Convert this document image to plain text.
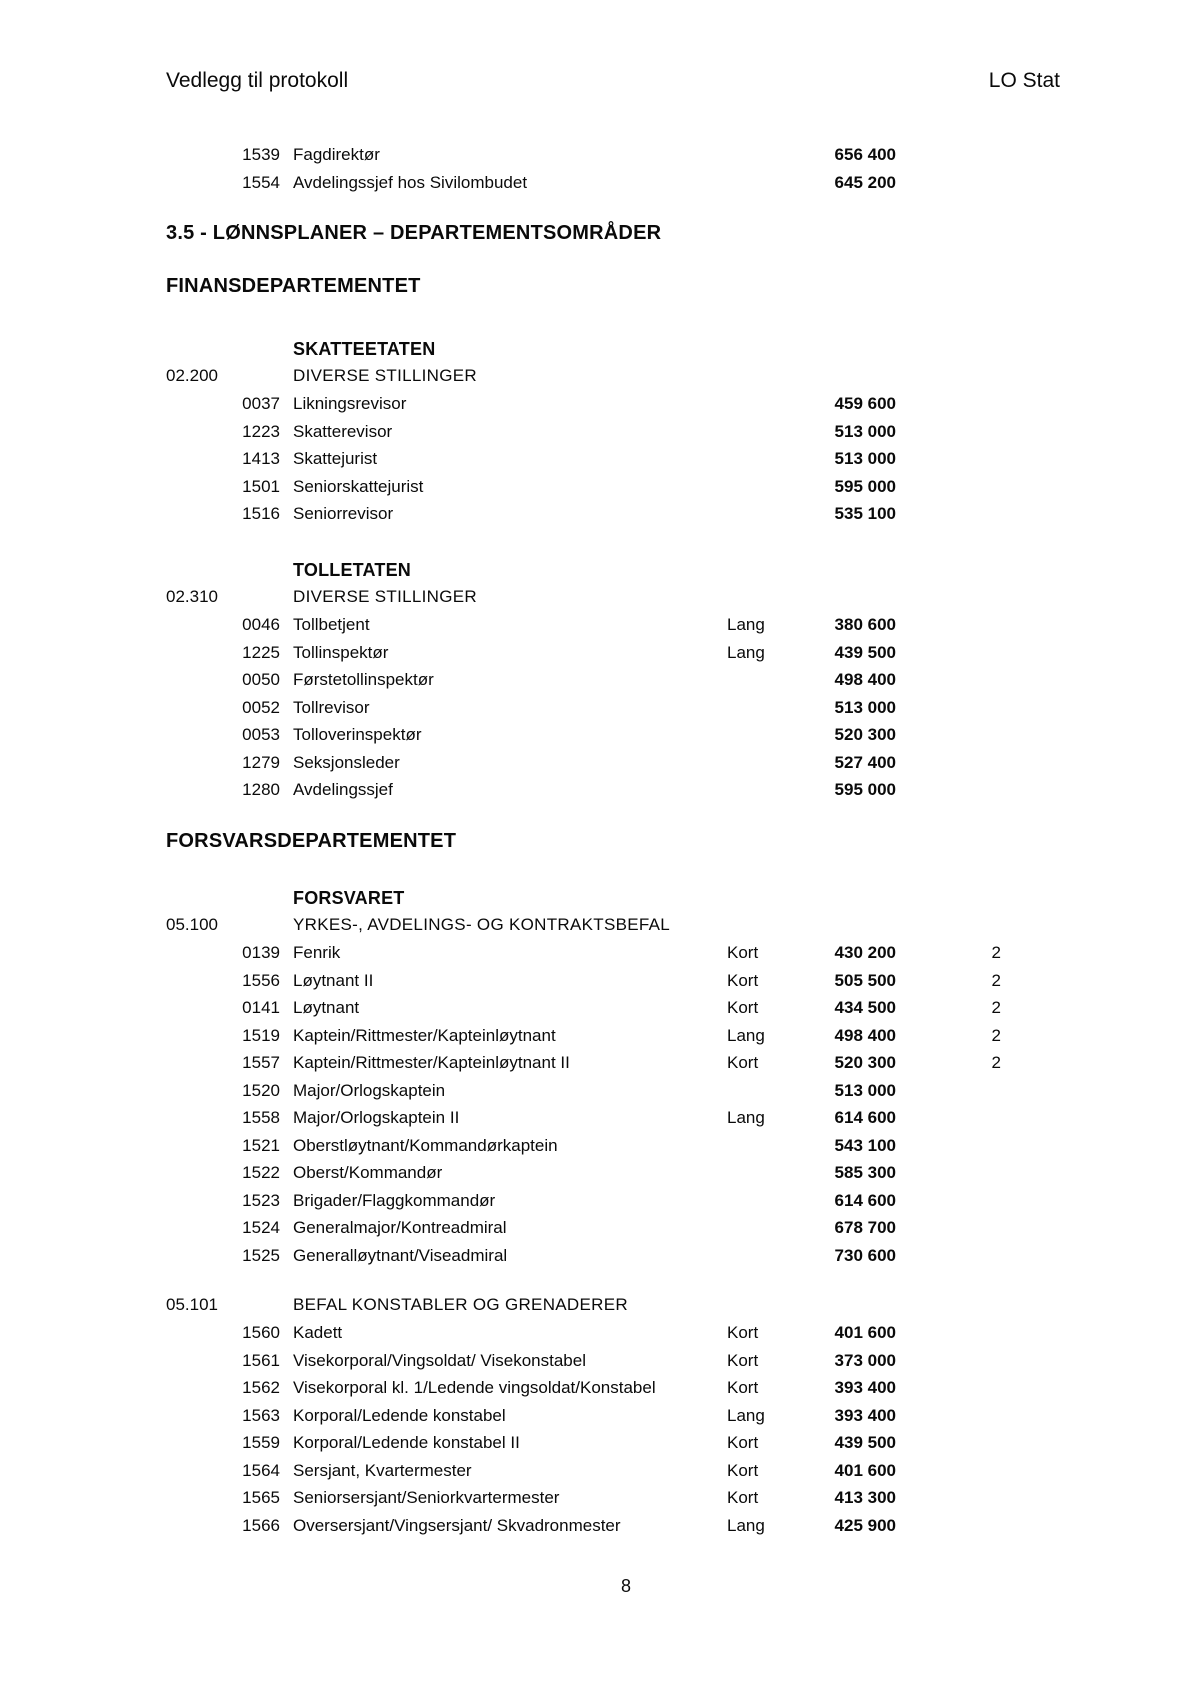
Vedlegg til protokoll	LO Stat
1539 Fagdirektør	656 400
1554 Avdelingssjef hos Sivilombudet	645 200
3.5 - LØNNSPLANER – DEPARTEMENTSOMRÅDER
FINANSDEPARTEMENTET
SKATTEETATEN
02.200	DIVERSE STILLINGER
0037 Likningsrevisor	459 600
1223 Skatterevisor	513 000
1413 Skattejurist	513 000
1501 Seniorskattejurist	595 000
1516 Seniorrevisor	535 100
TOLLETATEN
02.310	DIVERSE STILLINGER
0046 Tollbetjent	Lang	380 600
1225 Tollinspektør	Lang	439 500
0050 Førstetollinspektør	498 400
0052 Tollrevisor	513 000
0053 Tolloverinspektør	520 300
1279 Seksjonsleder	527 400
1280 Avdelingssjef	595 000
FORSVARSDEPARTEMENTET
FORSVARET
05.100	YRKES-, AVDELINGS- OG KONTRAKTSBEFAL
0139 Fenrik	Kort	430 200	2
1556 Løytnant II	Kort	505 500	2
0141 Løytnant	Kort	434 500	2
1519 Kaptein/Rittmester/Kapteinløytnant	Lang	498 400	2
1557 Kaptein/Rittmester/Kapteinløytnant II	Kort	520 300	2
1520 Major/Orlogskaptein	513 000
1558 Major/Orlogskaptein II	Lang	614 600
1521 Oberstløytnant/Kommandørkaptein	543 100
1522 Oberst/Kommandør	585 300
1523 Brigader/Flaggkommandør	614 600
1524 Generalmajor/Kontreadmiral	678 700
1525 Generalløytnant/Viseadmiral	730 600
05.101	BEFAL KONSTABLER OG GRENADERER
1560 Kadett	Kort	401 600
1561 Visekorporal/Vingsoldat/ Visekonstabel	Kort	373 000
1562 Visekorporal kl. 1/Ledende vingsoldat/Konstabel	Kort	393 400
1563 Korporal/Ledende konstabel	Lang	393 400
1559 Korporal/Ledende konstabel II	Kort	439 500
1564 Sersjant, Kvartermester	Kort	401 600
1565 Seniorsersjant/Seniorkvartermester	Kort	413 300
1566 Oversersjant/Vingsersjant/ Skvadronmester	Lang	425 900
8
